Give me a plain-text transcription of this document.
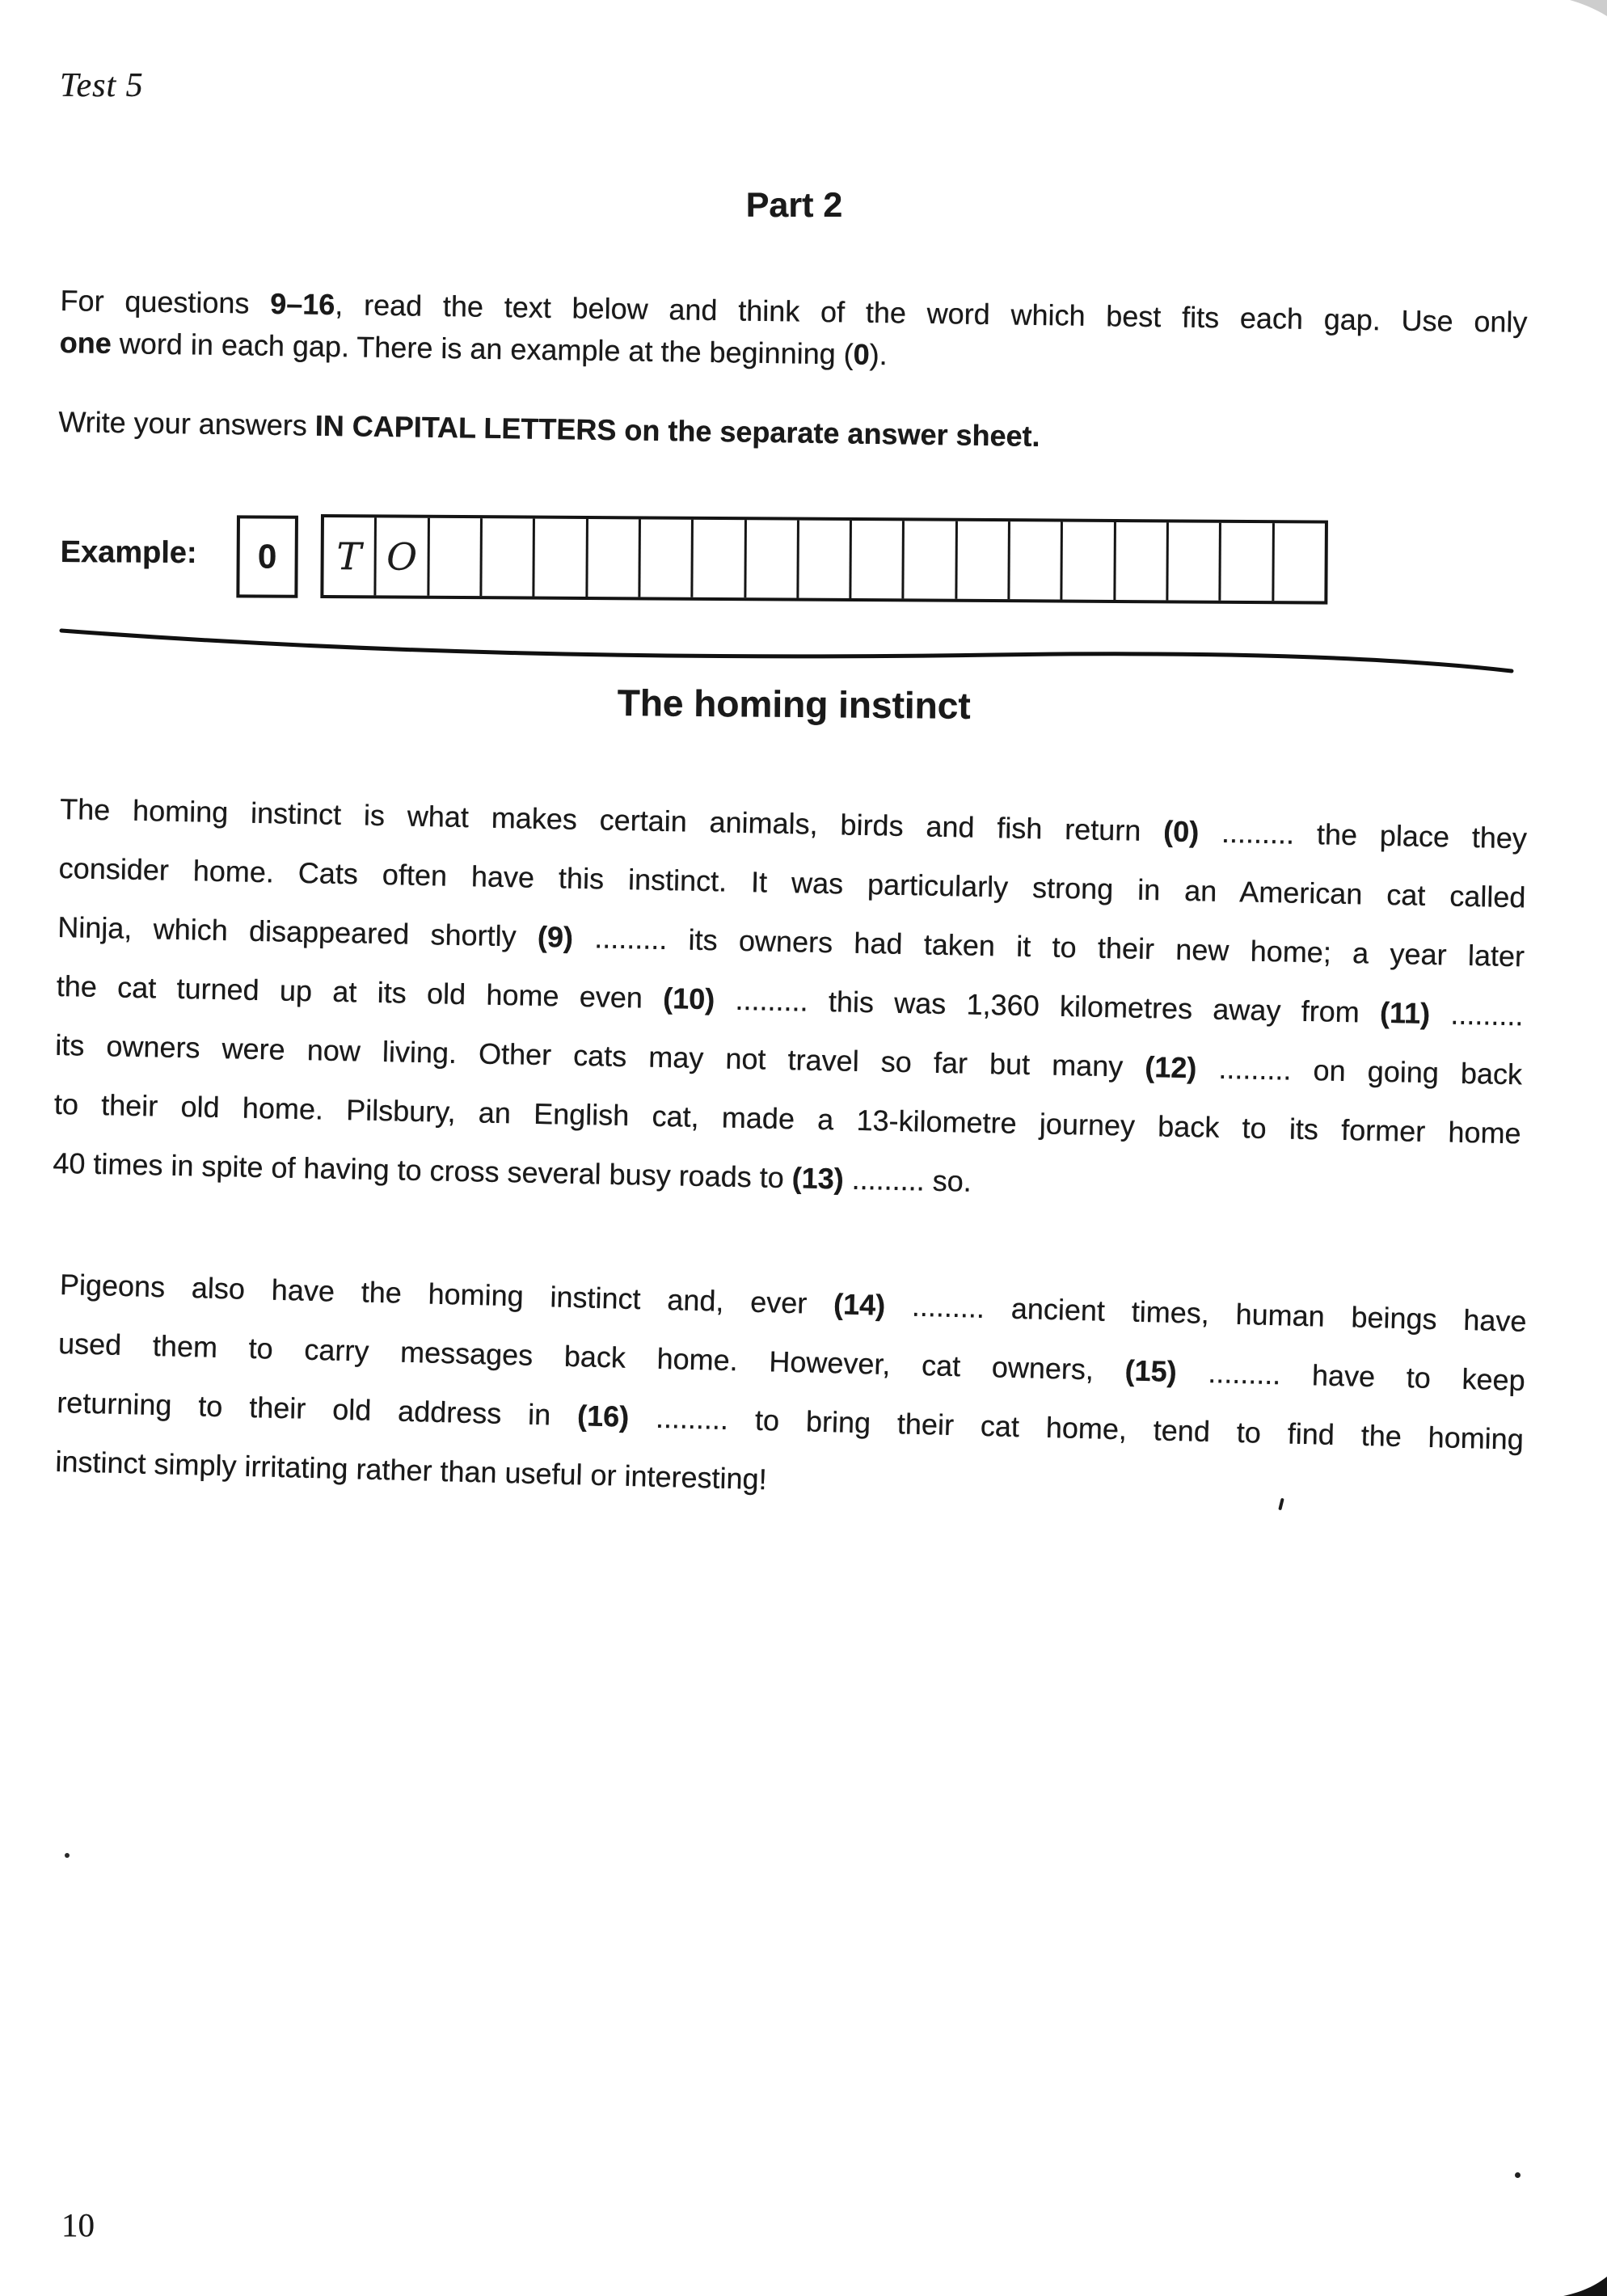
Test 5
Part 2
For questions 9–16, read the text below and think of the word which best fits each gap. Use only
one word in each gap. There is an example at the beginning (0).
Write your answers IN CAPITAL LETTERS on the separate answer sheet.
Example:	0	T O
The homing instinct
The homing instinct is what makes certain animals, birds and fish return (0) ......... the place they
consider home. Cats often have this instinct. It was particularly strong in an American cat called
Ninja, which disappeared shortly (9) ......... its owners had taken it to their new home; a year later
the cat turned up at its old home even (10) ......... this was 1,360 kilometres away from (11) .........
its owners were now living. Other cats may not travel so far but many (12) ......... on going back
to their old home. Pilsbury, an English cat, made a 13-kilometre journey back to its former home
40 times in spite of having to cross several busy roads to (13) ......... so.
Pigeons also have the homing instinct and, ever (14) ......... ancient times, human beings have
used them to carry messages back home. However, cat owners, (15) ......... have to keep
returning to their old address in (16) ......... to bring their cat home, tend to find the homing
instinct simply irritating rather than useful or interesting!
10
